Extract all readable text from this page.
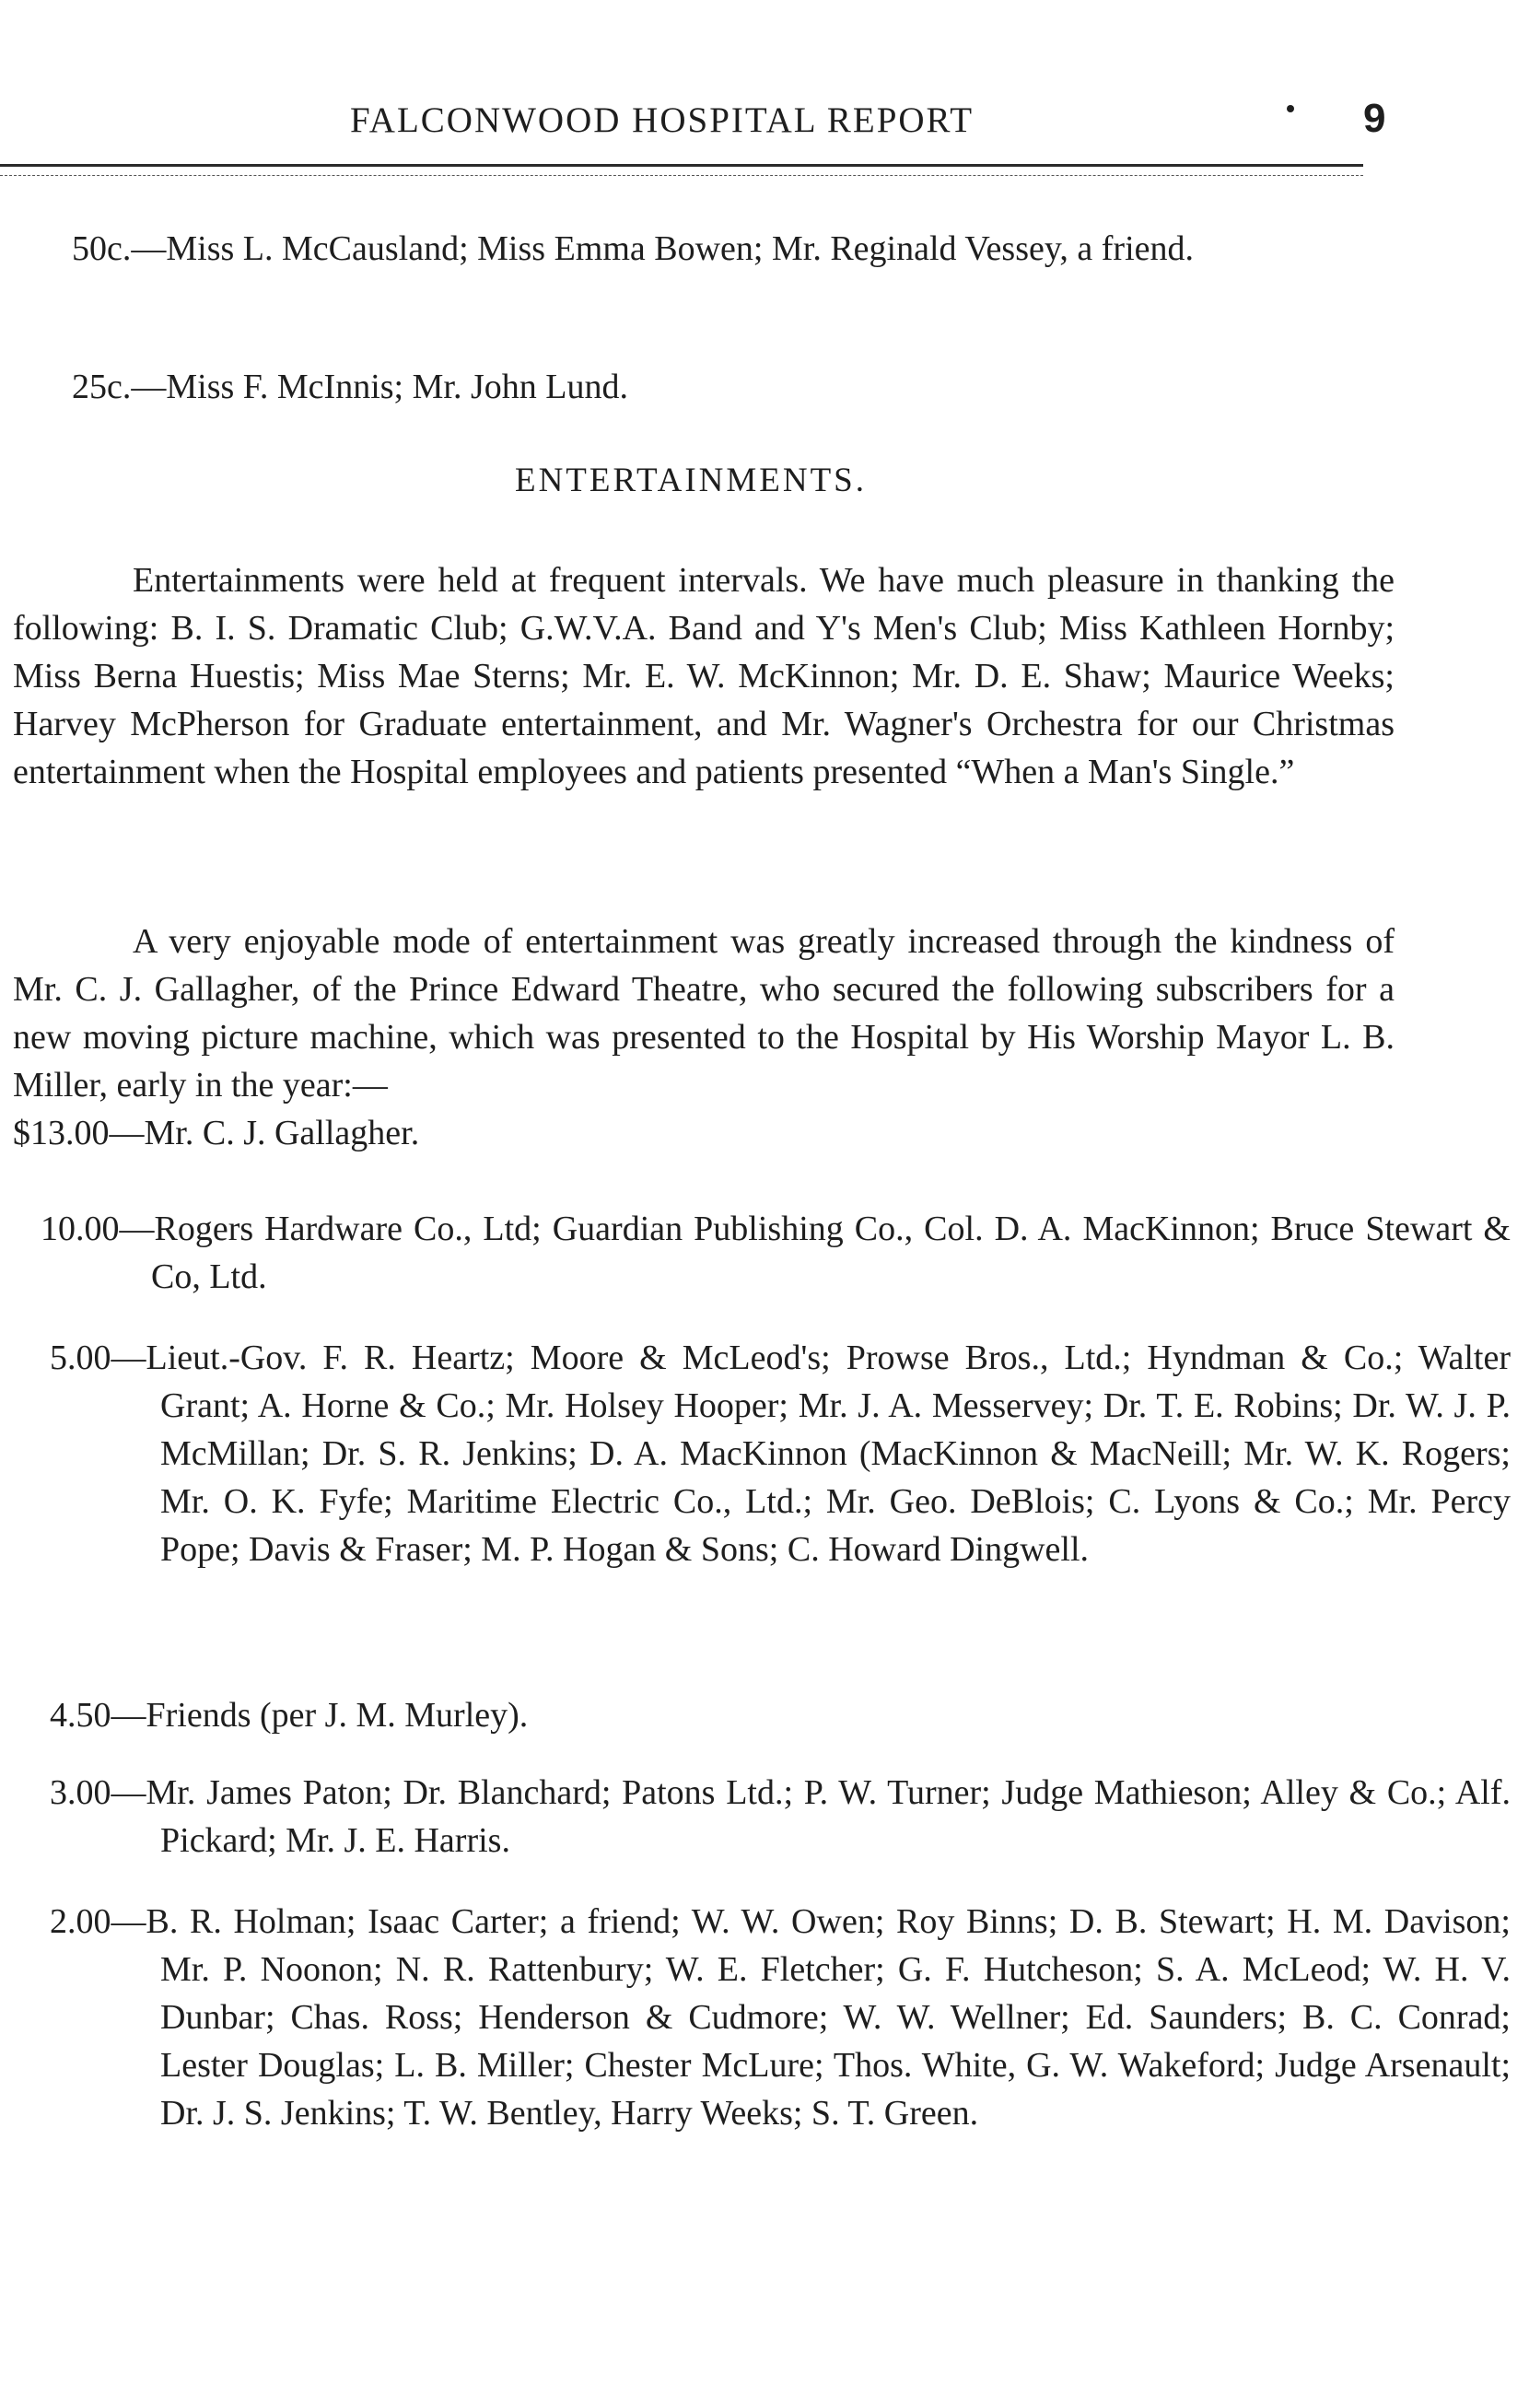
FALCONWOOD HOSPITAL REPORT	9
50c.—Miss L. McCausland; Miss Emma Bowen; Mr. Reginald Vessey, a friend.
25c.—Miss F. McInnis; Mr. John Lund.
ENTERTAINMENTS.
Entertainments were held at frequent intervals. We have much pleasure in thanking the following: B. I. S. Dramatic Club; G.W.V.A. Band and Y's Men's Club; Miss Kathleen Hornby; Miss Berna Huestis; Miss Mae Sterns; Mr. E. W. McKinnon; Mr. D. E. Shaw; Maurice Weeks; Harvey McPherson for Graduate entertainment, and Mr. Wagner's Orchestra for our Christmas entertainment when the Hospital employees and patients presented “When a Man's Single.”
A very enjoyable mode of entertainment was greatly increased through the kindness of Mr. C. J. Gallagher, of the Prince Edward Theatre, who secured the following subscribers for a new moving picture machine, which was presented to the Hospital by His Worship Mayor L. B. Miller, early in the year:—
$13.00—Mr. C. J. Gallagher.
10.00—Rogers Hardware Co., Ltd; Guardian Publishing Co., Col. D. A. MacKinnon; Bruce Stewart & Co, Ltd.
5.00—Lieut.-Gov. F. R. Heartz; Moore & McLeod's; Prowse Bros., Ltd.; Hyndman & Co.; Walter Grant; A. Horne & Co.; Mr. Holsey Hooper; Mr. J. A. Messervey; Dr. T. E. Robins; Dr. W. J. P. McMillan; Dr. S. R. Jenkins; D. A. MacKinnon (MacKinnon & MacNeill; Mr. W. K. Rogers; Mr. O. K. Fyfe; Maritime Electric Co., Ltd.; Mr. Geo. DeBlois; C. Lyons & Co.; Mr. Percy Pope; Davis & Fraser; M. P. Hogan & Sons; C. Howard Dingwell.
4.50—Friends (per J. M. Murley).
3.00—Mr. James Paton; Dr. Blanchard; Patons Ltd.; P. W. Turner; Judge Mathieson; Alley & Co.; Alf. Pickard; Mr. J. E. Harris.
2.00—B. R. Holman; Isaac Carter; a friend; W. W. Owen; Roy Binns; D. B. Stewart; H. M. Davison; Mr. P. Noonon; N. R. Rattenbury; W. E. Fletcher; G. F. Hutcheson; S. A. McLeod; W. H. V. Dunbar; Chas. Ross; Henderson & Cudmore; W. W. Wellner; Ed. Saunders; B. C. Conrad; Lester Douglas; L. B. Miller; Chester McLure; Thos. White, G. W. Wakeford; Judge Arsenault; Dr. J. S. Jenkins; T. W. Bentley, Harry Weeks; S. T. Green.
